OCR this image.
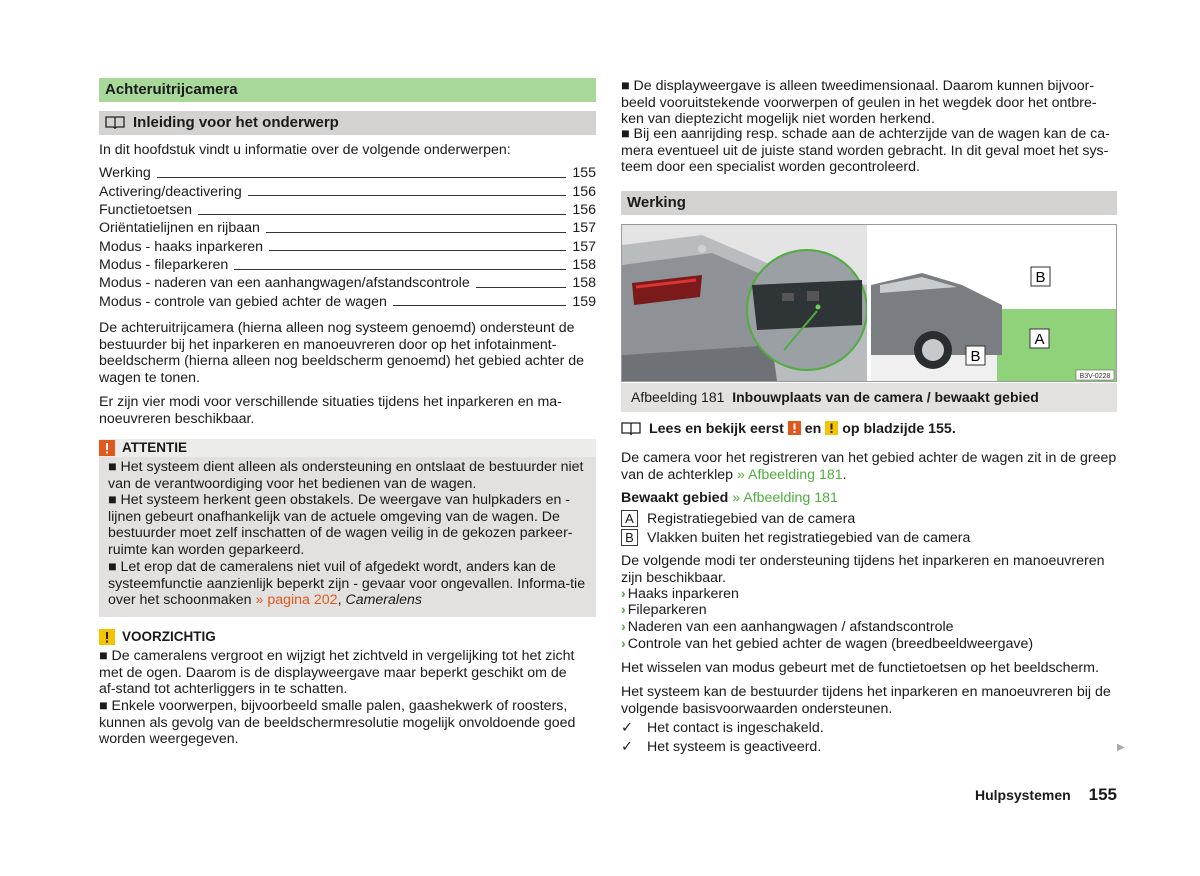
Achteruitrijcamera
Inleiding voor het onderwerp
In dit hoofdstuk vindt u informatie over de volgende onderwerpen:
Werking	155
Activering/deactivering	156
Functietoetsen	156
Oriëntatielijnen en rijbaan	157
Modus - haaks inparkeren	157
Modus - fileparkeren	158
Modus - naderen van een aanhangwagen/afstandscontrole	158
Modus - controle van gebied achter de wagen	159
De achteruitrijcamera (hierna alleen nog systeem genoemd) ondersteunt de bestuurder bij het inparkeren en manoeuvreren door op het infotainment-beeldscherm (hierna alleen nog beeldscherm genoemd) het gebied achter de wagen te tonen.
Er zijn vier modi voor verschillende situaties tijdens het inparkeren en ma-noeuvreren beschikbaar.
ATTENTIE
■ Het systeem dient alleen als ondersteuning en ontslaat de bestuurder niet van de verantwoordiging voor het bedienen van de wagen.
■ Het systeem herkent geen obstakels. De weergave van hulpkaders en -lijnen gebeurt onafhankelijk van de actuele omgeving van de wagen. De bestuurder moet zelf inschatten of de wagen veilig in de gekozen parkeer-ruimte kan worden geparkeerd.
■ Let erop dat de cameralens niet vuil of afgedekt wordt, anders kan de systeemfunctie aanzienlijk beperkt zijn - gevaar voor ongevallen. Informa-tie over het schoonmaken » pagina 202, Cameralens
VOORZICHTIG
■ De cameralens vergroot en wijzigt het zichtveld in vergelijking tot het zicht met de ogen. Daarom is de displayweergave maar beperkt geschikt om de af-stand tot achterliggers in te schatten.
■ Enkele voorwerpen, bijvoorbeeld smalle palen, gaashekwerk of roosters, kunnen als gevolg van de beeldschermresolutie mogelijk onvoldoende goed worden weergegeven.
■ De displayweergave is alleen tweedimensionaal. Daarom kunnen bijvoor-beeld vooruitstekende voorwerpen of geulen in het wegdek door het ontbre-ken van dieptezicht mogelijk niet worden herkend.
■ Bij een aanrijding resp. schade aan de achterzijde van de wagen kan de ca-mera eventueel uit de juiste stand worden gebracht. In dit geval moet het sys-teem door een specialist worden gecontroleerd.
Werking
B
A
B
B3V-0228
Afbeelding 181 Inbouwplaats van de camera / bewaakt gebied
Lees en bekijk eerst en op bladzijde 155.
De camera voor het registreren van het gebied achter de wagen zit in de greep van de achterklep » Afbeelding 181.
Bewaakt gebied » Afbeelding 181
A Registratiegebied van de camera
B Vlakken buiten het registratiegebied van de camera
De volgende modi ter ondersteuning tijdens het inparkeren en manoeuvreren zijn beschikbaar.
› Haaks inparkeren
› Fileparkeren
› Naderen van een aanhangwagen / afstandscontrole
› Controle van het gebied achter de wagen (breedbeeldweergave)
Het wisselen van modus gebeurt met de functietoetsen op het beeldscherm.
Het systeem kan de bestuurder tijdens het inparkeren en manoeuvreren bij de volgende basisvoorwaarden ondersteunen.
✓ Het contact is ingeschakeld.
✓ Het systeem is geactiveerd.	▶
Hulpsystemen 155
